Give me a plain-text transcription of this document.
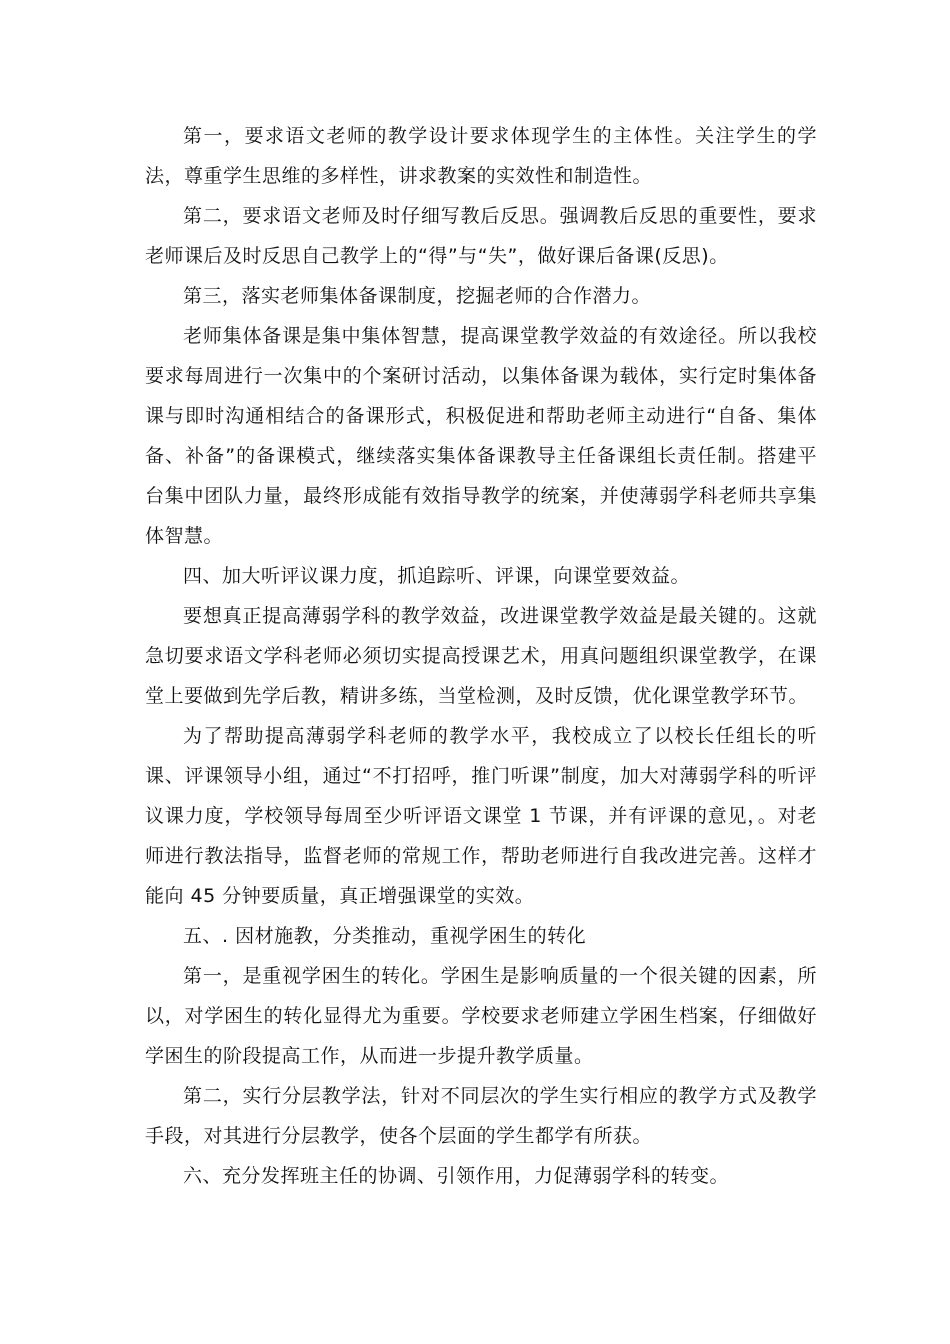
第一，要求语文老师的教学设计要求体现学生的主体性。关注学生的学法，尊重学生思维的多样性，讲求教案的实效性和制造性。

第二，要求语文老师及时仔细写教后反思。强调教后反思的重要性，要求老师课后及时反思自己教学上的“得”与“失”，做好课后备课(反思)。

第三，落实老师集体备课制度，挖掘老师的合作潜力。

老师集体备课是集中集体智慧，提高课堂教学效益的有效途径。所以我校要求每周进行一次集中的个案研讨活动，以集体备课为载体，实行定时集体备课与即时沟通相结合的备课形式，积极促进和帮助老师主动进行“自备、集体备、补备”的备课模式，继续落实集体备课教导主任备课组长责任制。搭建平台集中团队力量，最终形成能有效指导教学的统案，并使薄弱学科老师共享集体智慧。

四、加大听评议课力度，抓追踪听、评课，向课堂要效益。

要想真正提高薄弱学科的教学效益，改进课堂教学效益是最关键的。这就急切要求语文学科老师必须切实提高授课艺术，用真问题组织课堂教学，在课堂上要做到先学后教，精讲多练，当堂检测，及时反馈，优化课堂教学环节。

为了帮助提高薄弱学科老师的教学水平，我校成立了以校长任组长的听课、评课领导小组，通过“不打招呼，推门听课”制度，加大对薄弱学科的听评议课力度，学校领导每周至少听评语文课堂 1 节课，并有评课的意见，。对老师进行教法指导，监督老师的常规工作，帮助老师进行自我改进完善。这样才能向 45 分钟要质量，真正增强课堂的实效。

五、. 因材施教，分类推动，重视学困生的转化

第一，是重视学困生的转化。学困生是影响质量的一个很关键的因素，所以，对学困生的转化显得尤为重要。学校要求老师建立学困生档案，仔细做好学困生的阶段提高工作，从而进一步提升教学质量。

第二，实行分层教学法，针对不同层次的学生实行相应的教学方式及教学手段，对其进行分层教学，使各个层面的学生都学有所获。

六、充分发挥班主任的协调、引领作用，力促薄弱学科的转变。
